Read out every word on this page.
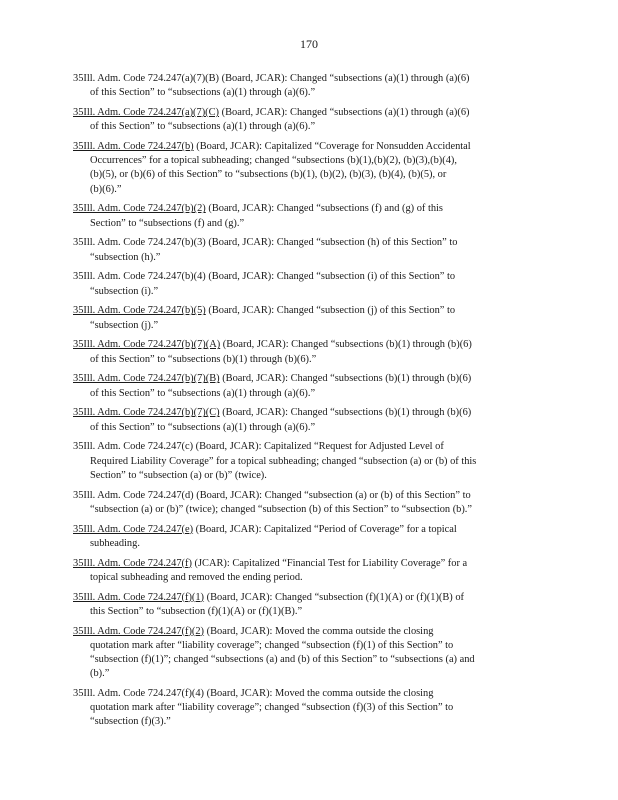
170
35Ill. Adm. Code 724.247(a)(7)(B) (Board, JCAR): Changed “subsections (a)(1) through (a)(6)
of this Section” to “subsections (a)(1) through (a)(6).”
35Ill. Adm. Code 724.247(a)(7)(C) (Board, JCAR): Changed “subsections (a)(1) through (a)(6)
of this Section” to “subsections (a)(1) through (a)(6).”
35Ill. Adm. Code 724.247(b) (Board, JCAR): Capitalized “Coverage for Nonsudden Accidental
Occurrences” for a topical subheading; changed “subsections (b)(1),(b)(2), (b)(3),(b)(4),
(b)(5), or (b)(6) of this Section” to “subsections (b)(1), (b)(2), (b)(3), (b)(4), (b)(5), or
(b)(6).”
35Ill. Adm. Code 724.247(b)(2) (Board, JCAR): Changed “subsections (f) and (g) of this
Section” to “subsections (f) and (g).”
35Ill. Adm. Code 724.247(b)(3) (Board, JCAR): Changed “subsection (h) of this Section” to
“subsection (h).”
35Ill. Adm. Code 724.247(b)(4) (Board, JCAR): Changed “subsection (i) of this Section” to
“subsection (i).”
35Ill. Adm. Code 724.247(b)(5) (Board, JCAR): Changed “subsection (j) of this Section” to
“subsection (j).”
35Ill. Adm. Code 724.247(b)(7)(A) (Board, JCAR): Changed “subsections (b)(1) through (b)(6)
of this Section” to “subsections (b)(1) through (b)(6).”
35Ill. Adm. Code 724.247(b)(7)(B) (Board, JCAR): Changed “subsections (b)(1) through (b)(6)
of this Section” to “subsections (a)(1) through (a)(6).”
35Ill. Adm. Code 724.247(b)(7)(C) (Board, JCAR): Changed “subsections (b)(1) through (b)(6)
of this Section” to “subsections (a)(1) through (a)(6).”
35Ill. Adm. Code 724.247(c) (Board, JCAR): Capitalized “Request for Adjusted Level of
Required Liability Coverage” for a topical subheading; changed “subsection (a) or (b) of this
Section” to “subsection (a) or (b)” (twice).
35Ill. Adm. Code 724.247(d) (Board, JCAR): Changed “subsection (a) or (b) of this Section” to
“subsection (a) or (b)” (twice); changed “subsection (b) of this Section” to “subsection (b).”
35Ill. Adm. Code 724.247(e) (Board, JCAR): Capitalized “Period of Coverage” for a topical
subheading.
35Ill. Adm. Code 724.247(f) (JCAR): Capitalized “Financial Test for Liability Coverage” for a
topical subheading and removed the ending period.
35Ill. Adm. Code 724.247(f)(1) (Board, JCAR): Changed “subsection (f)(1)(A) or (f)(1)(B) of
this Section” to “subsection (f)(1)(A) or (f)(1)(B).”
35Ill. Adm. Code 724.247(f)(2) (Board, JCAR): Moved the comma outside the closing
quotation mark after “liability coverage”; changed “subsection (f)(1) of this Section” to
“subsection (f)(1)”; changed “subsections (a) and (b) of this Section” to “subsections (a) and
(b).”
35Ill. Adm. Code 724.247(f)(4) (Board, JCAR): Moved the comma outside the closing
quotation mark after “liability coverage”; changed “subsection (f)(3) of this Section” to
“subsection (f)(3).”
